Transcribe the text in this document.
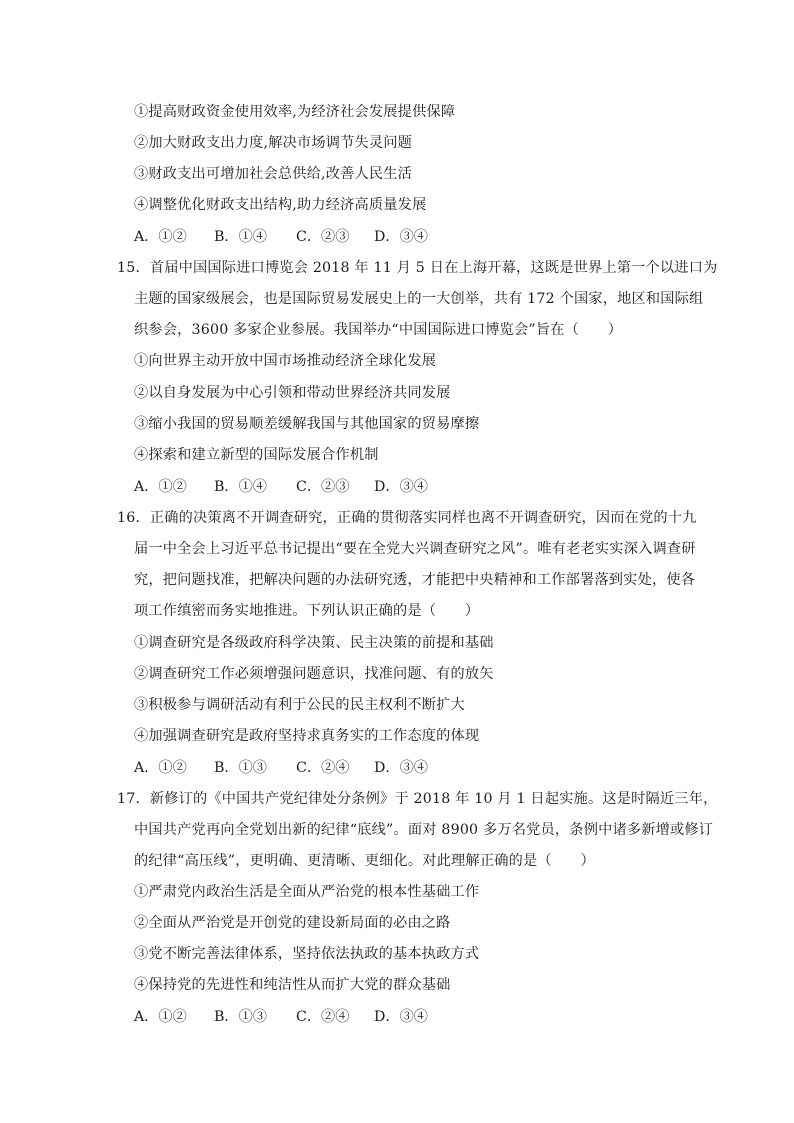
①提高财政资金使用效率,为经济社会发展提供保障
②加大财政支出力度,解决市场调节失灵问题
③财政支出可增加社会总供给,改善人民生活
④调整优化财政支出结构,助力经济高质量发展
A．①② B．①④ C．②③ D．③④
15．首届中国国际进口博览会 2018 年 11 月 5 日在上海开幕，这既是世界上第一个以进口为
主题的国家级展会，也是国际贸易发展史上的一大创举，共有 172 个国家，地区和国际组
织参会，3600 多家企业参展。我国举办“中国国际进口博览会”旨在（　　）
①向世界主动开放中国市场推动经济全球化发展
②以自身发展为中心引领和带动世界经济共同发展
③缩小我国的贸易顺差缓解我国与其他国家的贸易摩擦
④探索和建立新型的国际发展合作机制
A．①② B．①④ C．②③ D．③④
16．正确的决策离不开调查研究，正确的贯彻落实同样也离不开调查研究，因而在党的十九
届一中全会上习近平总书记提出“要在全党大兴调查研究之风”。唯有老老实实深入调查研
究，把问题找准，把解决问题的办法研究透，才能把中央精神和工作部署落到实处，使各
项工作缜密而务实地推进。下列认识正确的是（　　）
①调查研究是各级政府科学决策、民主决策的前提和基础
②调查研究工作必须增强问题意识，找准问题、有的放矢
③积极参与调研活动有利于公民的民主权利不断扩大
④加强调查研究是政府坚持求真务实的工作态度的体现
A．①② B．①③ C．②④ D．③④
17．新修订的《中国共产党纪律处分条例》于 2018 年 10 月 1 日起实施。这是时隔近三年，
中国共产党再向全党划出新的纪律“底线”。面对 8900 多万名党员，条例中诸多新增或修订
的纪律“高压线”，更明确、更清晰、更细化。对此理解正确的是（　　）
①严肃党内政治生活是全面从严治党的根本性基础工作
②全面从严治党是开创党的建设新局面的必由之路
③党不断完善法律体系，坚持依法执政的基本执政方式
④保持党的先进性和纯洁性从而扩大党的群众基础
A．①② B．①③ C．②④ D．③④
